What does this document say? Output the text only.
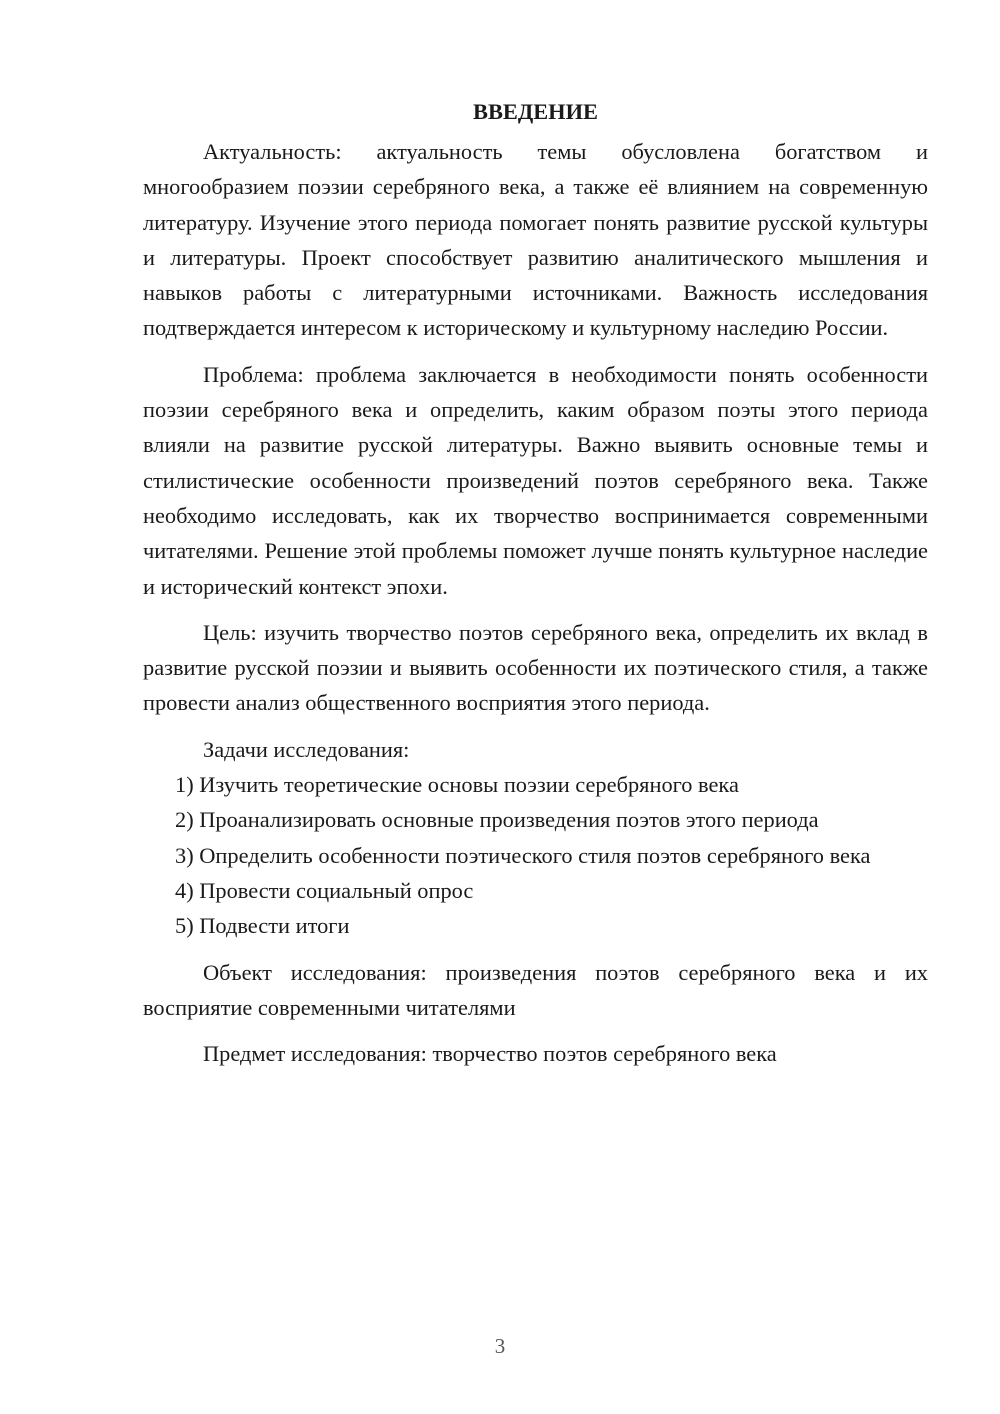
ВВЕДЕНИЕ

Актуальность: актуальность темы обусловлена богатством и многообразием поэзии серебряного века, а также её влиянием на современную литературу. Изучение этого периода помогает понять развитие русской культуры и литературы. Проект способствует развитию аналитического мышления и навыков работы с литературными источниками. Важность исследования подтверждается интересом к историческому и культурному наследию России.

Проблема: проблема заключается в необходимости понять особенности поэзии серебряного века и определить, каким образом поэты этого периода влияли на развитие русской литературы. Важно выявить основные темы и стилистические особенности произведений поэтов серебряного века. Также необходимо исследовать, как их творчество воспринимается современными читателями. Решение этой проблемы поможет лучше понять культурное наследие и исторический контекст эпохи.

Цель: изучить творчество поэтов серебряного века, определить их вклад в развитие русской поэзии и выявить особенности их поэтического стиля, а также провести анализ общественного восприятия этого периода.

Задачи исследования:

1) Изучить теоретические основы поэзии серебряного века

2) Проанализировать основные произведения поэтов этого периода

3) Определить особенности поэтического стиля поэтов серебряного века

4) Провести социальный опрос

5) Подвести итоги

Объект исследования: произведения поэтов серебряного века и их восприятие современными читателями

Предмет исследования: творчество поэтов серебряного века

3
